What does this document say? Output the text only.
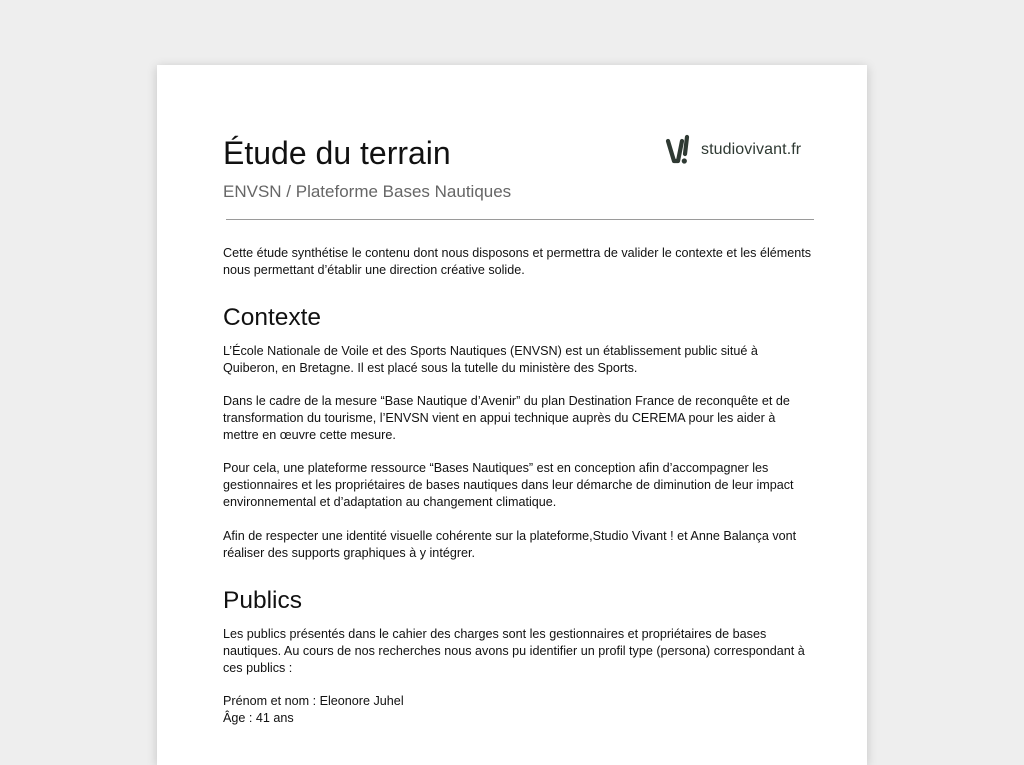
Étude du terrain

ENVSN / Plateforme Bases Nautiques

studiovivant.fr

Cette étude synthétise le contenu dont nous disposons et permettra de valider le contexte et les éléments nous permettant d’établir une direction créative solide.

Contexte

L’École Nationale de Voile et des Sports Nautiques (ENVSN) est un établissement public situé à Quiberon, en Bretagne. Il est placé sous la tutelle du ministère des Sports.

Dans le cadre de la mesure “Base Nautique d’Avenir” du plan Destination France de reconquête et de transformation du tourisme, l’ENVSN vient en appui technique auprès du CEREMA pour les aider à mettre en œuvre cette mesure.

Pour cela, une plateforme ressource “Bases Nautiques” est en conception afin d’accompagner les gestionnaires et les propriétaires de bases nautiques dans leur démarche de diminution de leur impact environnemental et d’adaptation au changement climatique.

Afin de respecter une identité visuelle cohérente sur la plateforme,Studio Vivant ! et Anne Balança vont réaliser des supports graphiques à y intégrer.

Publics

Les publics présentés dans le cahier des charges sont les gestionnaires et propriétaires de bases nautiques. Au cours de nos recherches nous avons pu identifier un profil type (persona) correspondant à ces publics :

Prénom et nom : Eleonore Juhel

Âge : 41 ans
